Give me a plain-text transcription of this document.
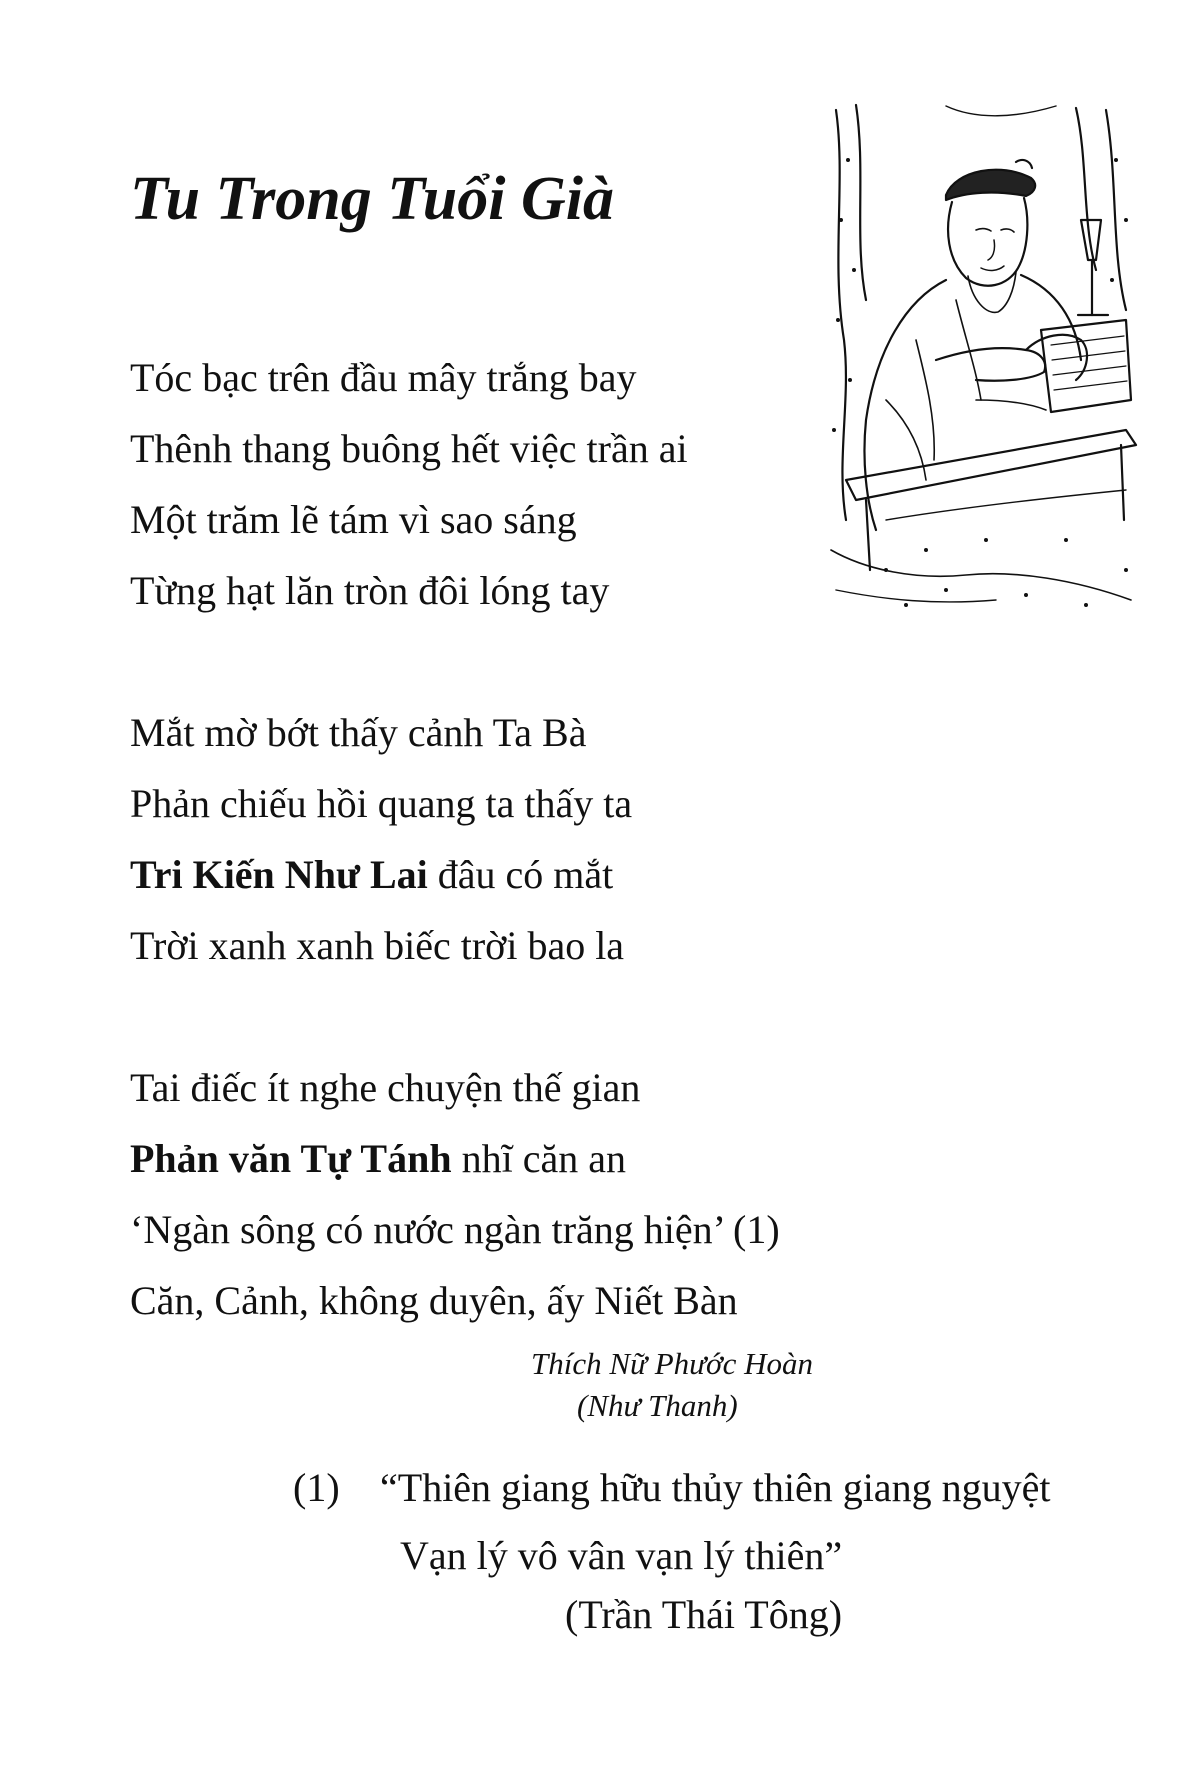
Tu Trong Tuổi Già
Tóc bạc trên đầu mây trắng bay
Thênh thang buông hết việc trần ai
Một trăm lẽ tám vì sao sáng
Từng hạt lăn tròn đôi lóng tay
Mắt mờ bớt thấy cảnh Ta Bà
Phản chiếu hồi quang ta thấy ta
Tri Kiến Như Lai đâu có mắt
Trời xanh xanh biếc trời bao la
Tai điếc ít nghe chuyện thế gian
Phản văn Tự Tánh nhĩ căn an
‘Ngàn sông có nước ngàn trăng hiện’ (1)
Căn, Cảnh, không duyên, ấy Niết Bàn
Thích Nữ Phước Hoàn
(Như Thanh)
(1) “Thiên giang hữu thủy thiên giang nguyệt
Vạn lý vô vân vạn lý thiên”
(Trần Thái Tông)
